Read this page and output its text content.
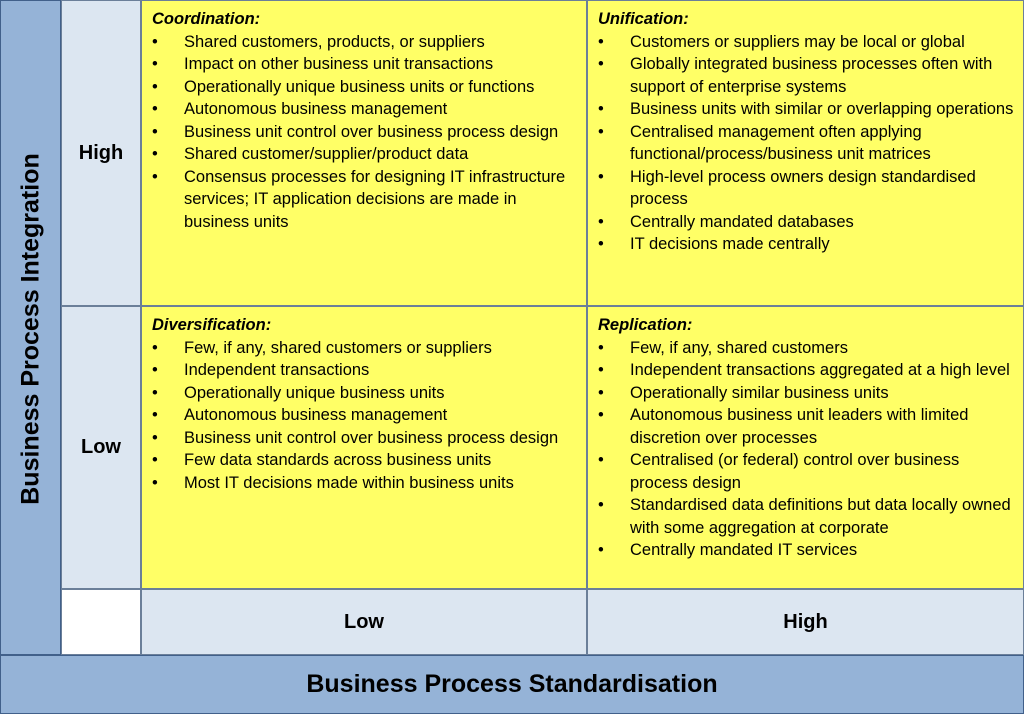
Business Process Integration
High
Low
Coordination:
• Shared customers, products, or suppliers
• Impact on other business unit transactions
• Operationally unique business units or functions
• Autonomous business management
• Business unit control over business process design
• Shared customer/supplier/product data
• Consensus processes for designing IT infrastructure services; IT application decisions are made in business units
Unification:
• Customers or suppliers may be local or global
• Globally integrated business processes often with support of enterprise systems
• Business units with similar or overlapping operations
• Centralised management often applying functional/process/business unit matrices
• High-level process owners design standardised process
• Centrally mandated databases
• IT decisions made centrally
Diversification:
• Few, if any, shared customers or suppliers
• Independent transactions
• Operationally unique business units
• Autonomous business management
• Business unit control over business process design
• Few data standards across business units
• Most IT decisions made within business units
Replication:
• Few, if any, shared customers
• Independent transactions aggregated at a high level
• Operationally similar business units
• Autonomous business unit leaders with limited discretion over processes
• Centralised (or federal) control over business process design
• Standardised data definitions but data locally owned with some aggregation at corporate
• Centrally mandated IT services
Low	High
Business Process Standardisation
